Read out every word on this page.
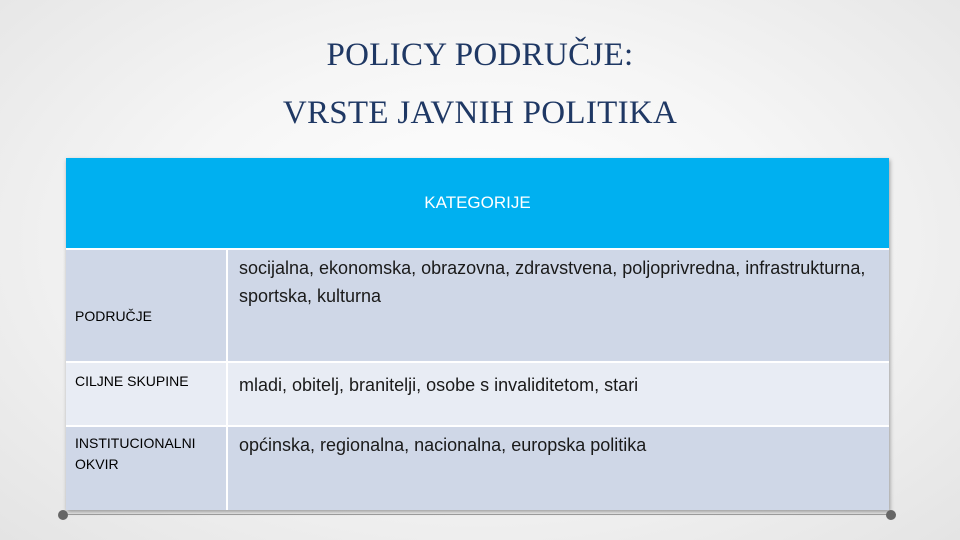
POLICY PODRUČJE:
VRSTE JAVNIH POLITIKA
KATEGORIJE
PODRUČJE
socijalna, ekonomska, obrazovna, zdravstvena, poljoprivredna, infrastrukturna, sportska, kulturna
CILJNE SKUPINE	mladi, obitelj, branitelji, osobe s invaliditetom, stari
INSTITUCIONALNI OKVIR
općinska, regionalna, nacionalna, europska politika
